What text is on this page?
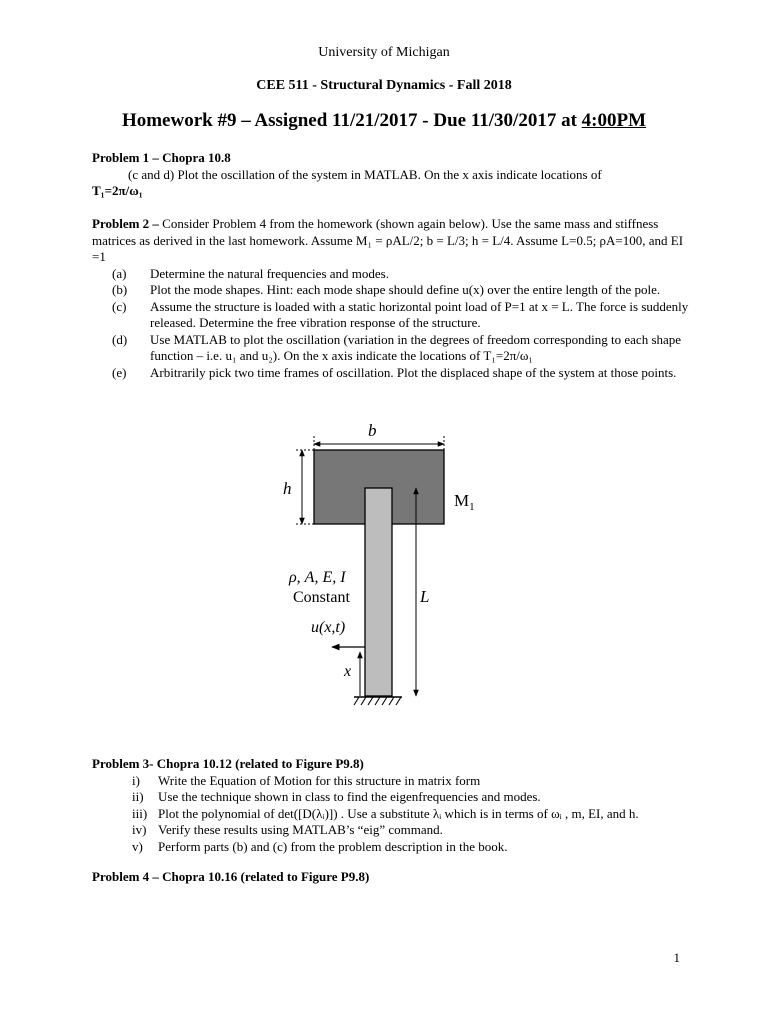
University of Michigan
CEE 511 - Structural Dynamics - Fall 2018
Homework #9 – Assigned 11/21/2017 - Due 11/30/2017 at 4:00PM
Problem 1 – Chopra 10.8
(c and d) Plot the oscillation of the system in MATLAB. On the x axis indicate locations of
T₁=2π/ω₁
Problem 2 – Consider Problem 4 from the homework (shown again below). Use the same mass and stiffness matrices as derived in the last homework. Assume M₁ = ρAL/2; b = L/3; h = L/4. Assume L=0.5; ρA=100, and EI =1
(a) Determine the natural frequencies and modes.
(b) Plot the mode shapes. Hint: each mode shape should define u(x) over the entire length of the pole.
(c) Assume the structure is loaded with a static horizontal point load of P=1 at x = L. The force is suddenly released. Determine the free vibration response of the structure.
(d) Use MATLAB to plot the oscillation (variation in the degrees of freedom corresponding to each shape function – i.e. u₁ and u₂). On the x axis indicate the locations of T₁=2π/ω₁
(e) Arbitrarily pick two time frames of oscillation. Plot the displaced shape of the system at those points.
b
h
$M_1$
L
ρ, A, E, I
Constant
u(x,t)
x
Problem 3- Chopra 10.12 (related to Figure P9.8)
i) Write the Equation of Motion for this structure in matrix form
ii) Use the technique shown in class to find the eigenfrequencies and modes.
iii) Plot the polynomial of det([D(λᵢ)]) . Use a substitute λᵢ which is in terms of ωᵢ , m, EI, and h.
iv) Verify these results using MATLAB’s “eig” command.
v) Perform parts (b) and (c) from the problem description in the book.
Problem 4 – Chopra 10.16 (related to Figure P9.8)
1
